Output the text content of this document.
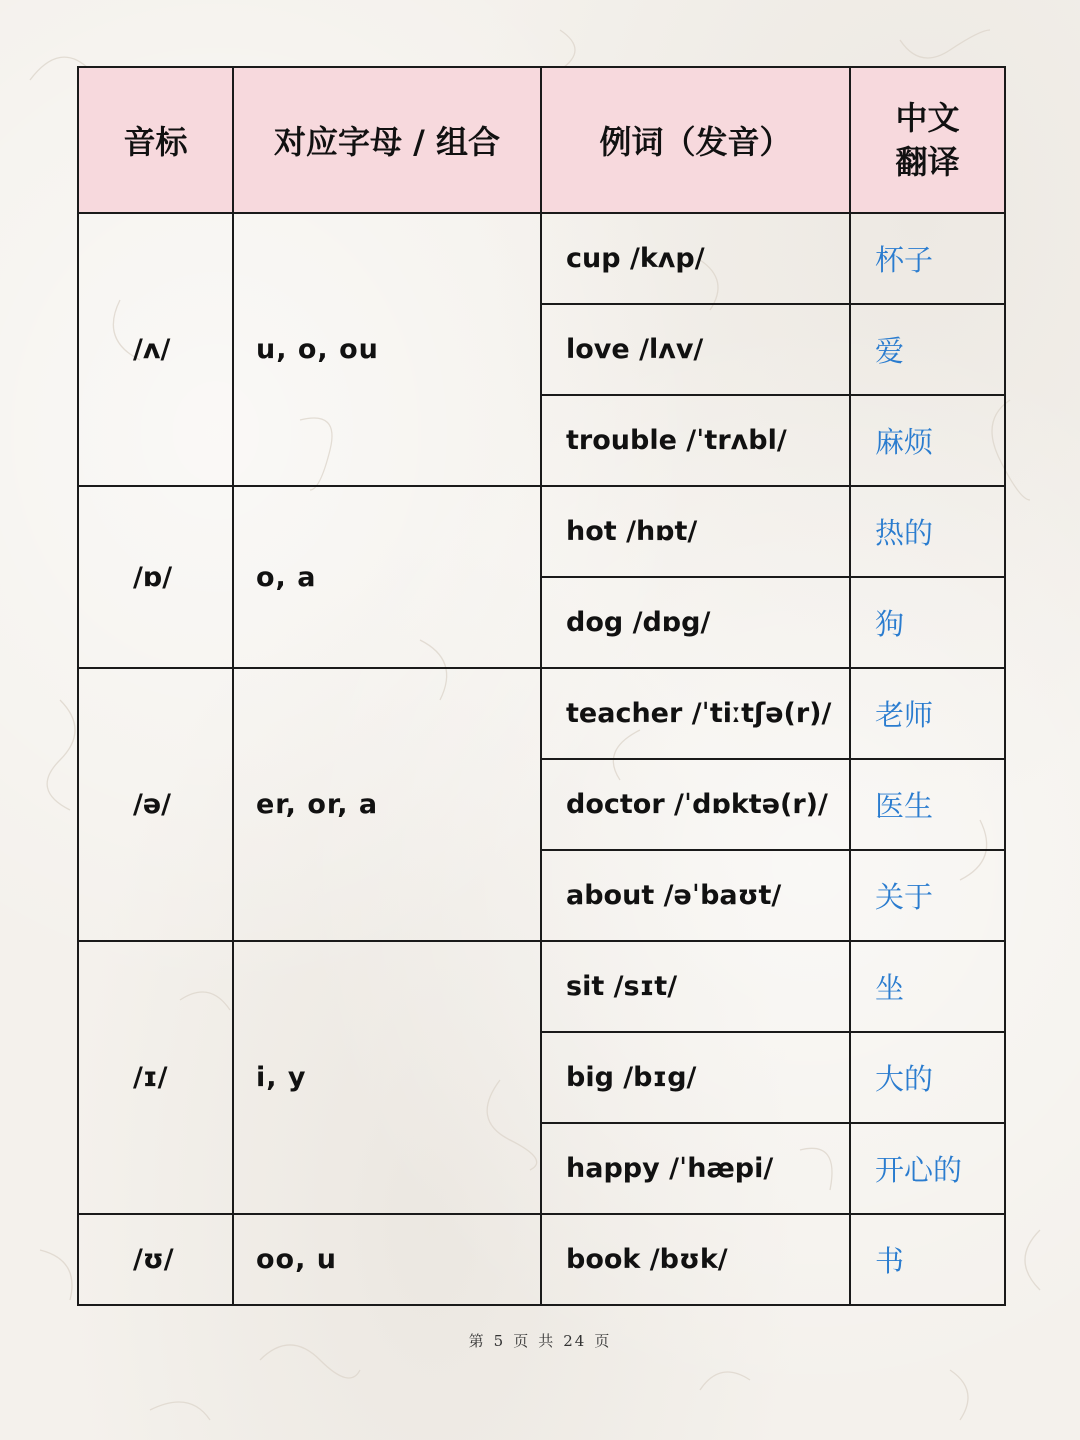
音标	对应字母 / 组合	例词（发音）	中文
翻译

/ʌ/	u, o, ou	cup /kʌp/	杯子
		love /lʌv/	爱
		trouble /ˈtrʌbl/	麻烦
/ɒ/	o, a	hot /hɒt/	热的
		dog /dɒg/	狗
/ə/	er, or, a	teacher /ˈtiːtʃə(r)/	老师
		doctor /ˈdɒktə(r)/	医生
		about /əˈbaʊt/	关于
/ɪ/	i, y	sit /sɪt/	坐
		big /bɪg/	大的
		happy /ˈhæpi/	开心的
/ʊ/	oo, u	book /bʊk/	书
第 5 页 共 24 页
